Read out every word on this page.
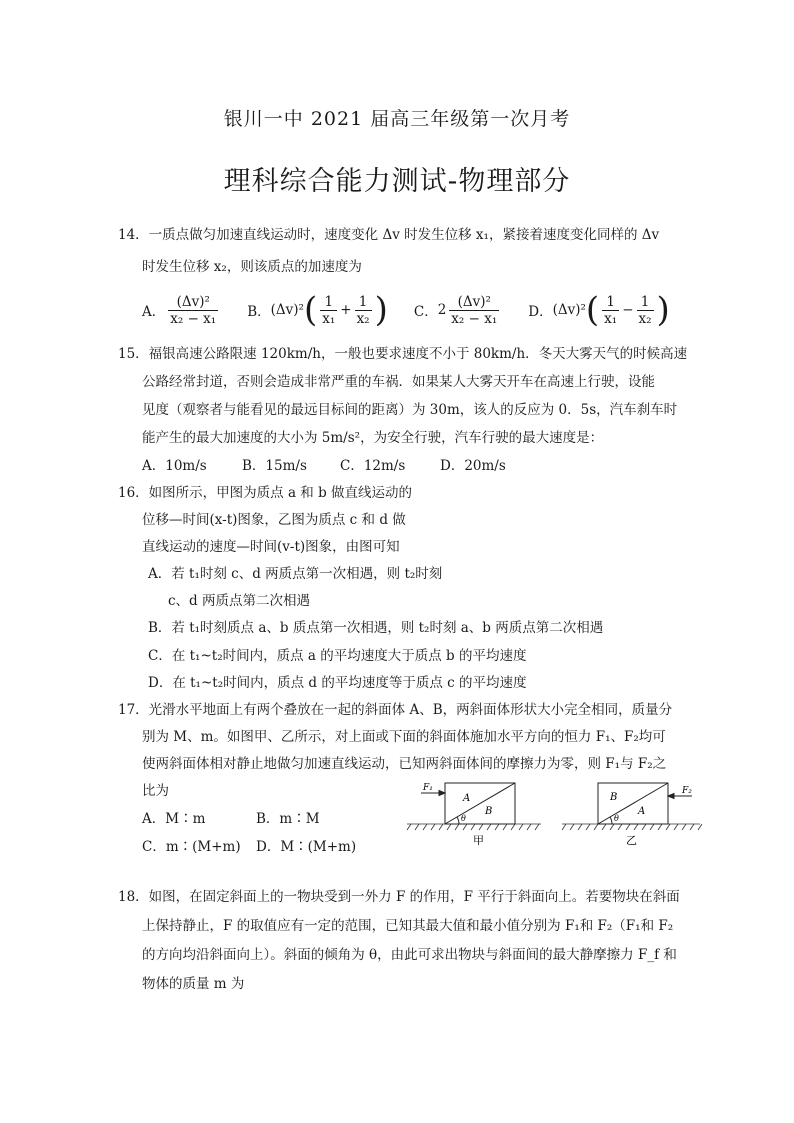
银川一中 2021 届高三年级第一次月考
理科综合能力测试-物理部分
14．一质点做匀加速直线运动时，速度变化 Δv 时发生位移 x₁，紧接着速度变化同样的 Δv
时发生位移 x₂，则该质点的加速度为
A． $\frac{\text{(Δv)²}}{\text{x₂ − x₁}}$ B． (Δv)² ( $\frac{1}{\text{x₁}} + \frac{1}{\text{x₂}}$ ) C． $2 \frac{\text{(Δv)²}}{\text{x₂ − x₁}}$ D． (Δv)² ( $\frac{1}{\text{x₁}} - \frac{1}{\text{x₂}}$ )
15．福银高速公路限速 120km/h，一般也要求速度不小于 80km/h．冬天大雾天气的时候高速
公路经常封道，否则会造成非常严重的车祸．如果某人大雾天开车在高速上行驶，设能
见度（观察者与能看见的最远目标间的距离）为 30m，该人的反应为 0．5s，汽车刹车时
能产生的最大加速度的大小为 5m/s²，为安全行驶，汽车行驶的最大速度是：
A．10m/s	B．15m/s C．12m/s	D．20m/s
16．如图所示，甲图为质点 a 和 b 做直线运动的
位移—时间(x-t)图象，乙图为质点 c 和 d 做
直线运动的速度—时间(v-t)图象，由图可知
A．若 t₁时刻 c、d 两质点第一次相遇，则 t₂时刻
c、d 两质点第二次相遇
B．若 t₁时刻质点 a、b 质点第一次相遇，则 t₂时刻 a、b 两质点第二次相遇
C．在 t₁~t₂时间内，质点 a 的平均速度大于质点 b 的平均速度
D．在 t₁~t₂时间内，质点 d 的平均速度等于质点 c 的平均速度
17．光滑水平地面上有两个叠放在一起的斜面体 A、B，两斜面体形状大小完全相同，质量分
别为 M、m。如图甲、乙所示，对上面或下面的斜面体施加水平方向的恒力 F₁、F₂均可
使两斜面体相对静止地做匀加速直线运动，已知两斜面体间的摩擦力为零，则 F₁与 F₂之
比为
A．M∶m	B．m∶M
C．m∶(M+m) D．M∶(M+m)
F₁
A
B
θ
甲
F₂
B
A
θ
乙
18．如图，在固定斜面上的一物块受到一外力 F 的作用，F 平行于斜面向上。若要物块在斜面
上保持静止，F 的取值应有一定的范围，已知其最大值和最小值分别为 F₁和 F₂（F₁和 F₂
的方向均沿斜面向上）。斜面的倾角为 θ，由此可求出物块与斜面间的最大静摩擦力 F_f 和
物体的质量 m 为
